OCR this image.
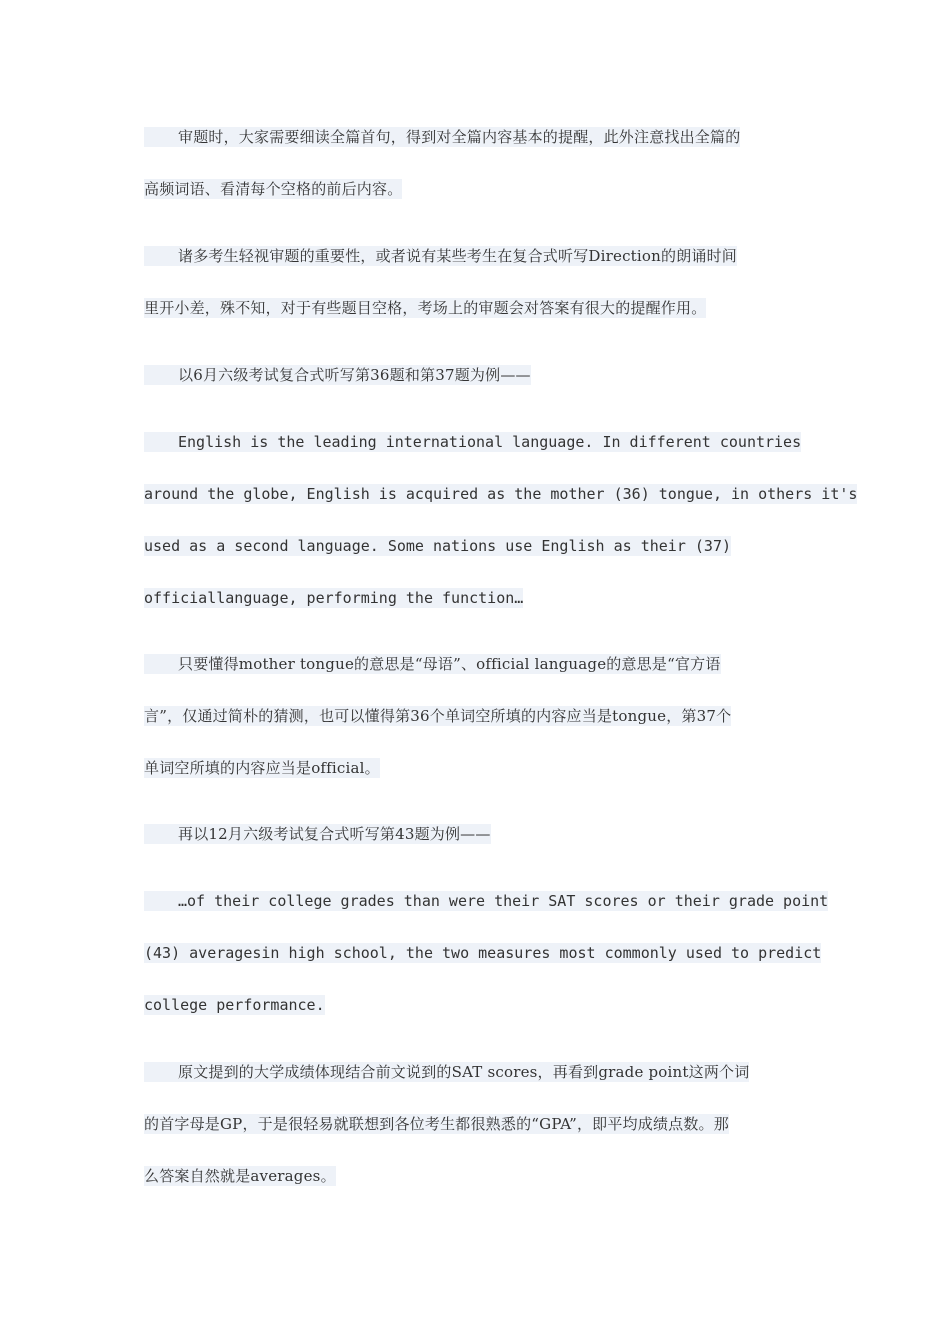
审题时，大家需要细读全篇首句，得到对全篇内容基本的提醒，此外注意找出全篇的
高频词语、看清每个空格的前后内容。
诸多考生轻视审题的重要性，或者说有某些考生在复合式听写Direction的朗诵时间
里开小差，殊不知，对于有些题目空格，考场上的审题会对答案有很大的提醒作用。
以6月六级考试复合式听写第36题和第37题为例——
English is the leading international language. In different countries
around the globe, English is acquired as the mother (36) tongue, in others it's
used as a second language. Some nations use English as their (37)
officiallanguage, performing the function…
只要懂得mother tongue的意思是“母语”、official language的意思是“官方语
言”，仅通过简朴的猜测，也可以懂得第36个单词空所填的内容应当是tongue，第37个
单词空所填的内容应当是official。
再以12月六级考试复合式听写第43题为例——
…of their college grades than were their SAT scores or their grade point
(43) averagesin high school, the two measures most commonly used to predict
college performance.
原文提到的大学成绩体现结合前文说到的SAT scores，再看到grade point这两个词
的首字母是GP，于是很轻易就联想到各位考生都很熟悉的“GPA”，即平均成绩点数。那
么答案自然就是averages。
